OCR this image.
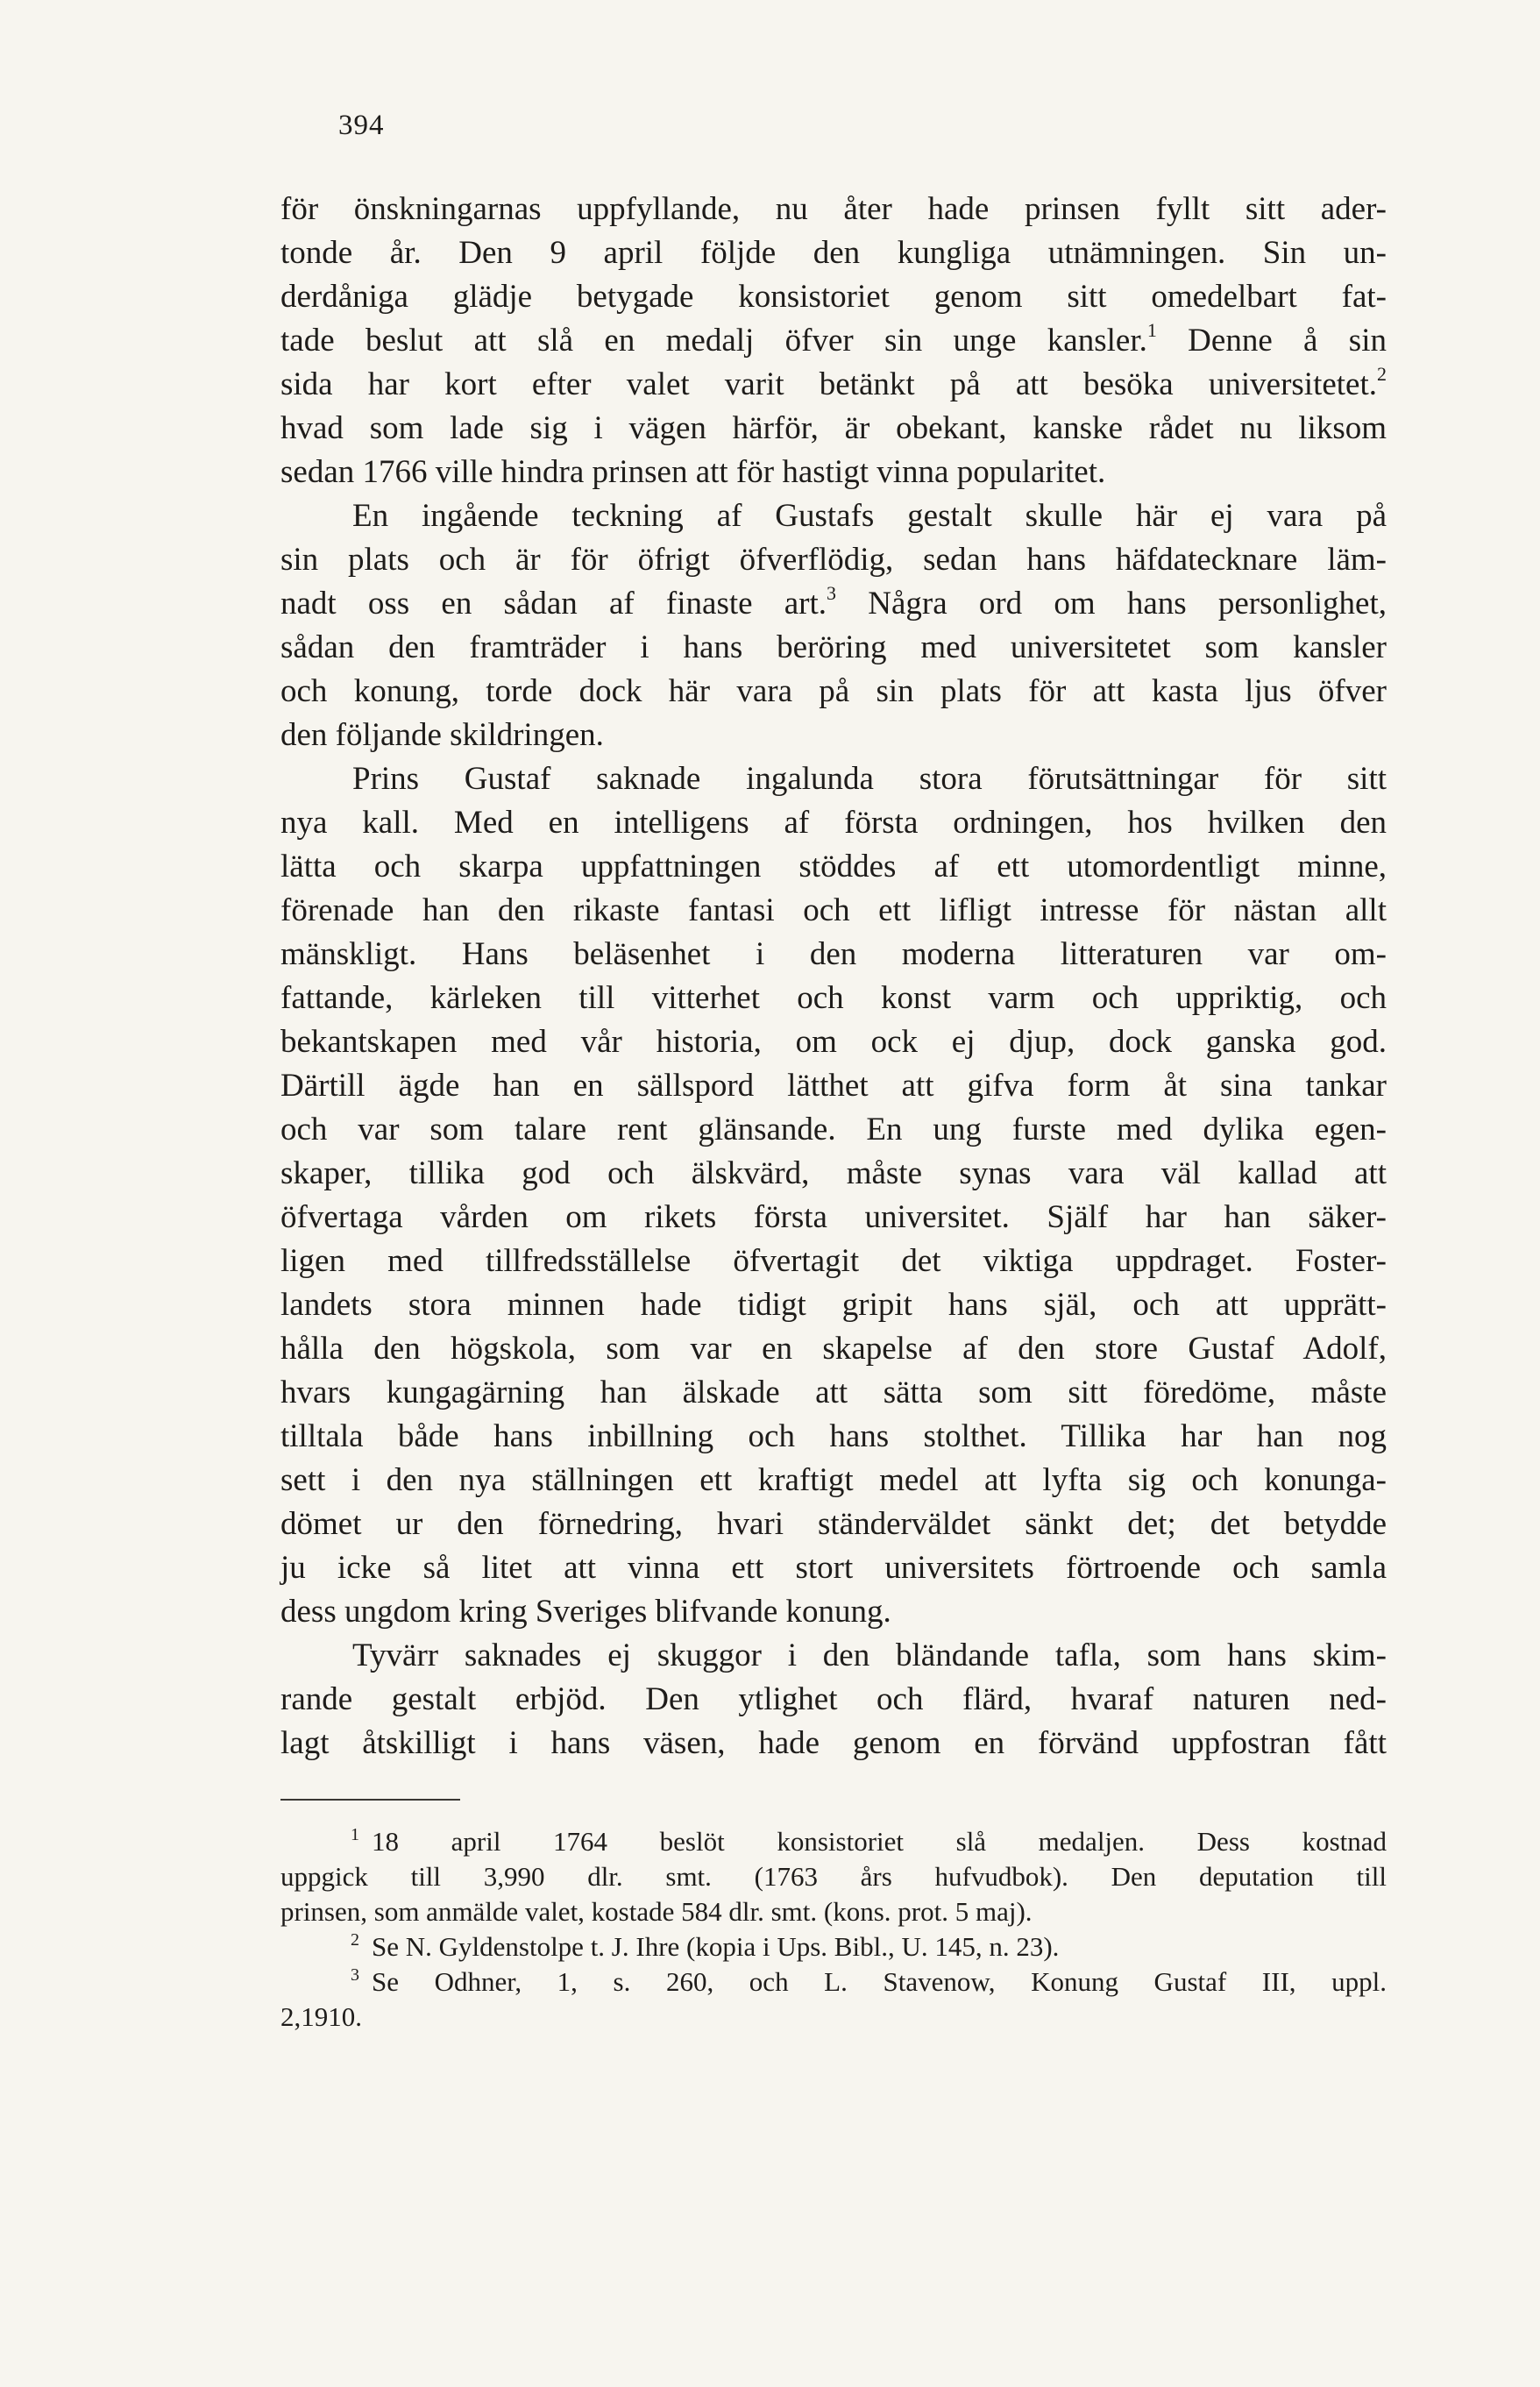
394
för önskningarnas uppfyllande, nu åter hade prinsen fyllt sitt ader-
tonde år. Den 9 april följde den kungliga utnämningen. Sin un-
derdåniga glädje betygade konsistoriet genom sitt omedelbart fat-
tade beslut att slå en medalj öfver sin unge kansler.$^1$ Denne å sin
sida har kort efter valet varit betänkt på att besöka universitetet.$^2$
hvad som lade sig i vägen härför, är obekant, kanske rådet nu liksom
sedan 1766 ville hindra prinsen att för hastigt vinna popularitet.
En ingående teckning af Gustafs gestalt skulle här ej vara på
sin plats och är för öfrigt öfverflödig, sedan hans häfdatecknare läm-
nadt oss en sådan af finaste art.$^3$ Några ord om hans personlighet,
sådan den framträder i hans beröring med universitetet som kansler
och konung, torde dock här vara på sin plats för att kasta ljus öfver
den följande skildringen.
Prins Gustaf saknade ingalunda stora förutsättningar för sitt
nya kall. Med en intelligens af första ordningen, hos hvilken den
lätta och skarpa uppfattningen stöddes af ett utomordentligt minne,
förenade han den rikaste fantasi och ett lifligt intresse för nästan allt
mänskligt. Hans beläsenhet i den moderna litteraturen var om-
fattande, kärleken till vitterhet och konst varm och uppriktig, och
bekantskapen med vår historia, om ock ej djup, dock ganska god.
Därtill ägde han en sällspord lätthet att gifva form åt sina tankar
och var som talare rent glänsande. En ung furste med dylika egen-
skaper, tillika god och älskvärd, måste synas vara väl kallad att
öfvertaga vården om rikets första universitet. Själf har han säker-
ligen med tillfredsställelse öfvertagit det viktiga uppdraget. Foster-
landets stora minnen hade tidigt gripit hans själ, och att upprätt-
hålla den högskola, som var en skapelse af den store Gustaf Adolf,
hvars kungagärning han älskade att sätta som sitt föredöme, måste
tilltala både hans inbillning och hans stolthet. Tillika har han nog
sett i den nya ställningen ett kraftigt medel att lyfta sig och konunga-
dömet ur den förnedring, hvari ständerväldet sänkt det; det betydde
ju icke så litet att vinna ett stort universitets förtroende och samla
dess ungdom kring Sveriges blifvande konung.
Tyvärr saknades ej skuggor i den bländande tafla, som hans skim-
rande gestalt erbjöd. Den ytlighet och flärd, hvaraf naturen ned-
lagt åtskilligt i hans väsen, hade genom en förvänd uppfostran fått
$^1$ 18 april 1764 beslöt konsistoriet slå medaljen. Dess kostnad
uppgick till 3,990 dlr. smt. (1763 års hufvudbok). Den deputation till
prinsen, som anmälde valet, kostade 584 dlr. smt. (kons. prot. 5 maj).
$^2$ Se N. Gyldenstolpe t. J. Ihre (kopia i Ups. Bibl., U. 145, n. 23).
$^3$ Se Odhner, 1, s. 260, och L. Stavenow, Konung Gustaf III, uppl.
2,1910.
